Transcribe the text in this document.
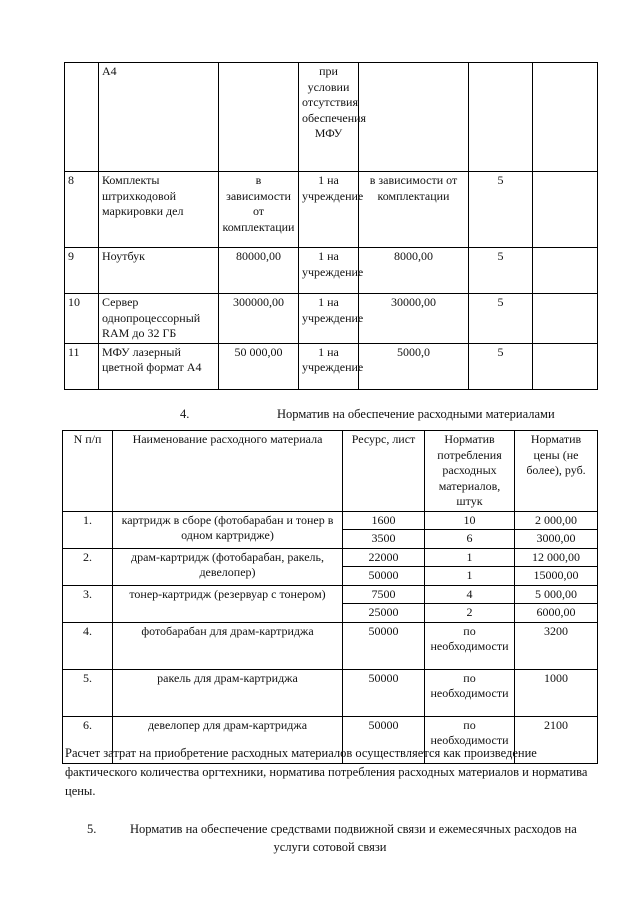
	А4		при условии отсутствия обеспечения МФУ			
8	Комплекты штрихкодовой маркировки дел	в зависимости от комплектации	1 на учреждение	в зависимости от комплектации	5	
9	Ноутбук	80000,00	1 на учреждение	8000,00	5	
10	Сервер однопроцессорный RAM до 32 ГБ	300000,00	1 на учреждение	30000,00	5	
11	МФУ лазерный цветной формат А4	50 000,00	1 на учреждение	5000,0	5	
4.	Норматив на обеспечение расходными материалами
N п/п	Наименование расходного материала	Ресурс, лист	Норматив потребления расходных материалов, штук	Норматив цены (не более), руб.
1.	картридж в сборе (фотобарабан и тонер в одном картридже)	1600	10	2 000,00
		3500	6	3000,00
2.	драм-картридж (фотобарабан, ракель, девелопер)	22000	1	12 000,00
		50000	1	15000,00
3.	тонер-картридж (резервуар с тонером)	7500	4	5 000,00
		25000	2	6000,00
4.	фотобарабан для драм-картриджа	50000	по необходимости	3200
5.	ракель для драм-картриджа	50000	по необходимости	1000
6.	девелопер для драм-картриджа	50000	по необходимости	2100
Расчет затрат на приобретение расходных материалов осуществляется как произведение фактического количества оргтехники, норматива потребления расходных материалов и норматива цены.
5.	Норматив на обеспечение средствами подвижной связи и ежемесячных расходов на
услуги сотовой связи
